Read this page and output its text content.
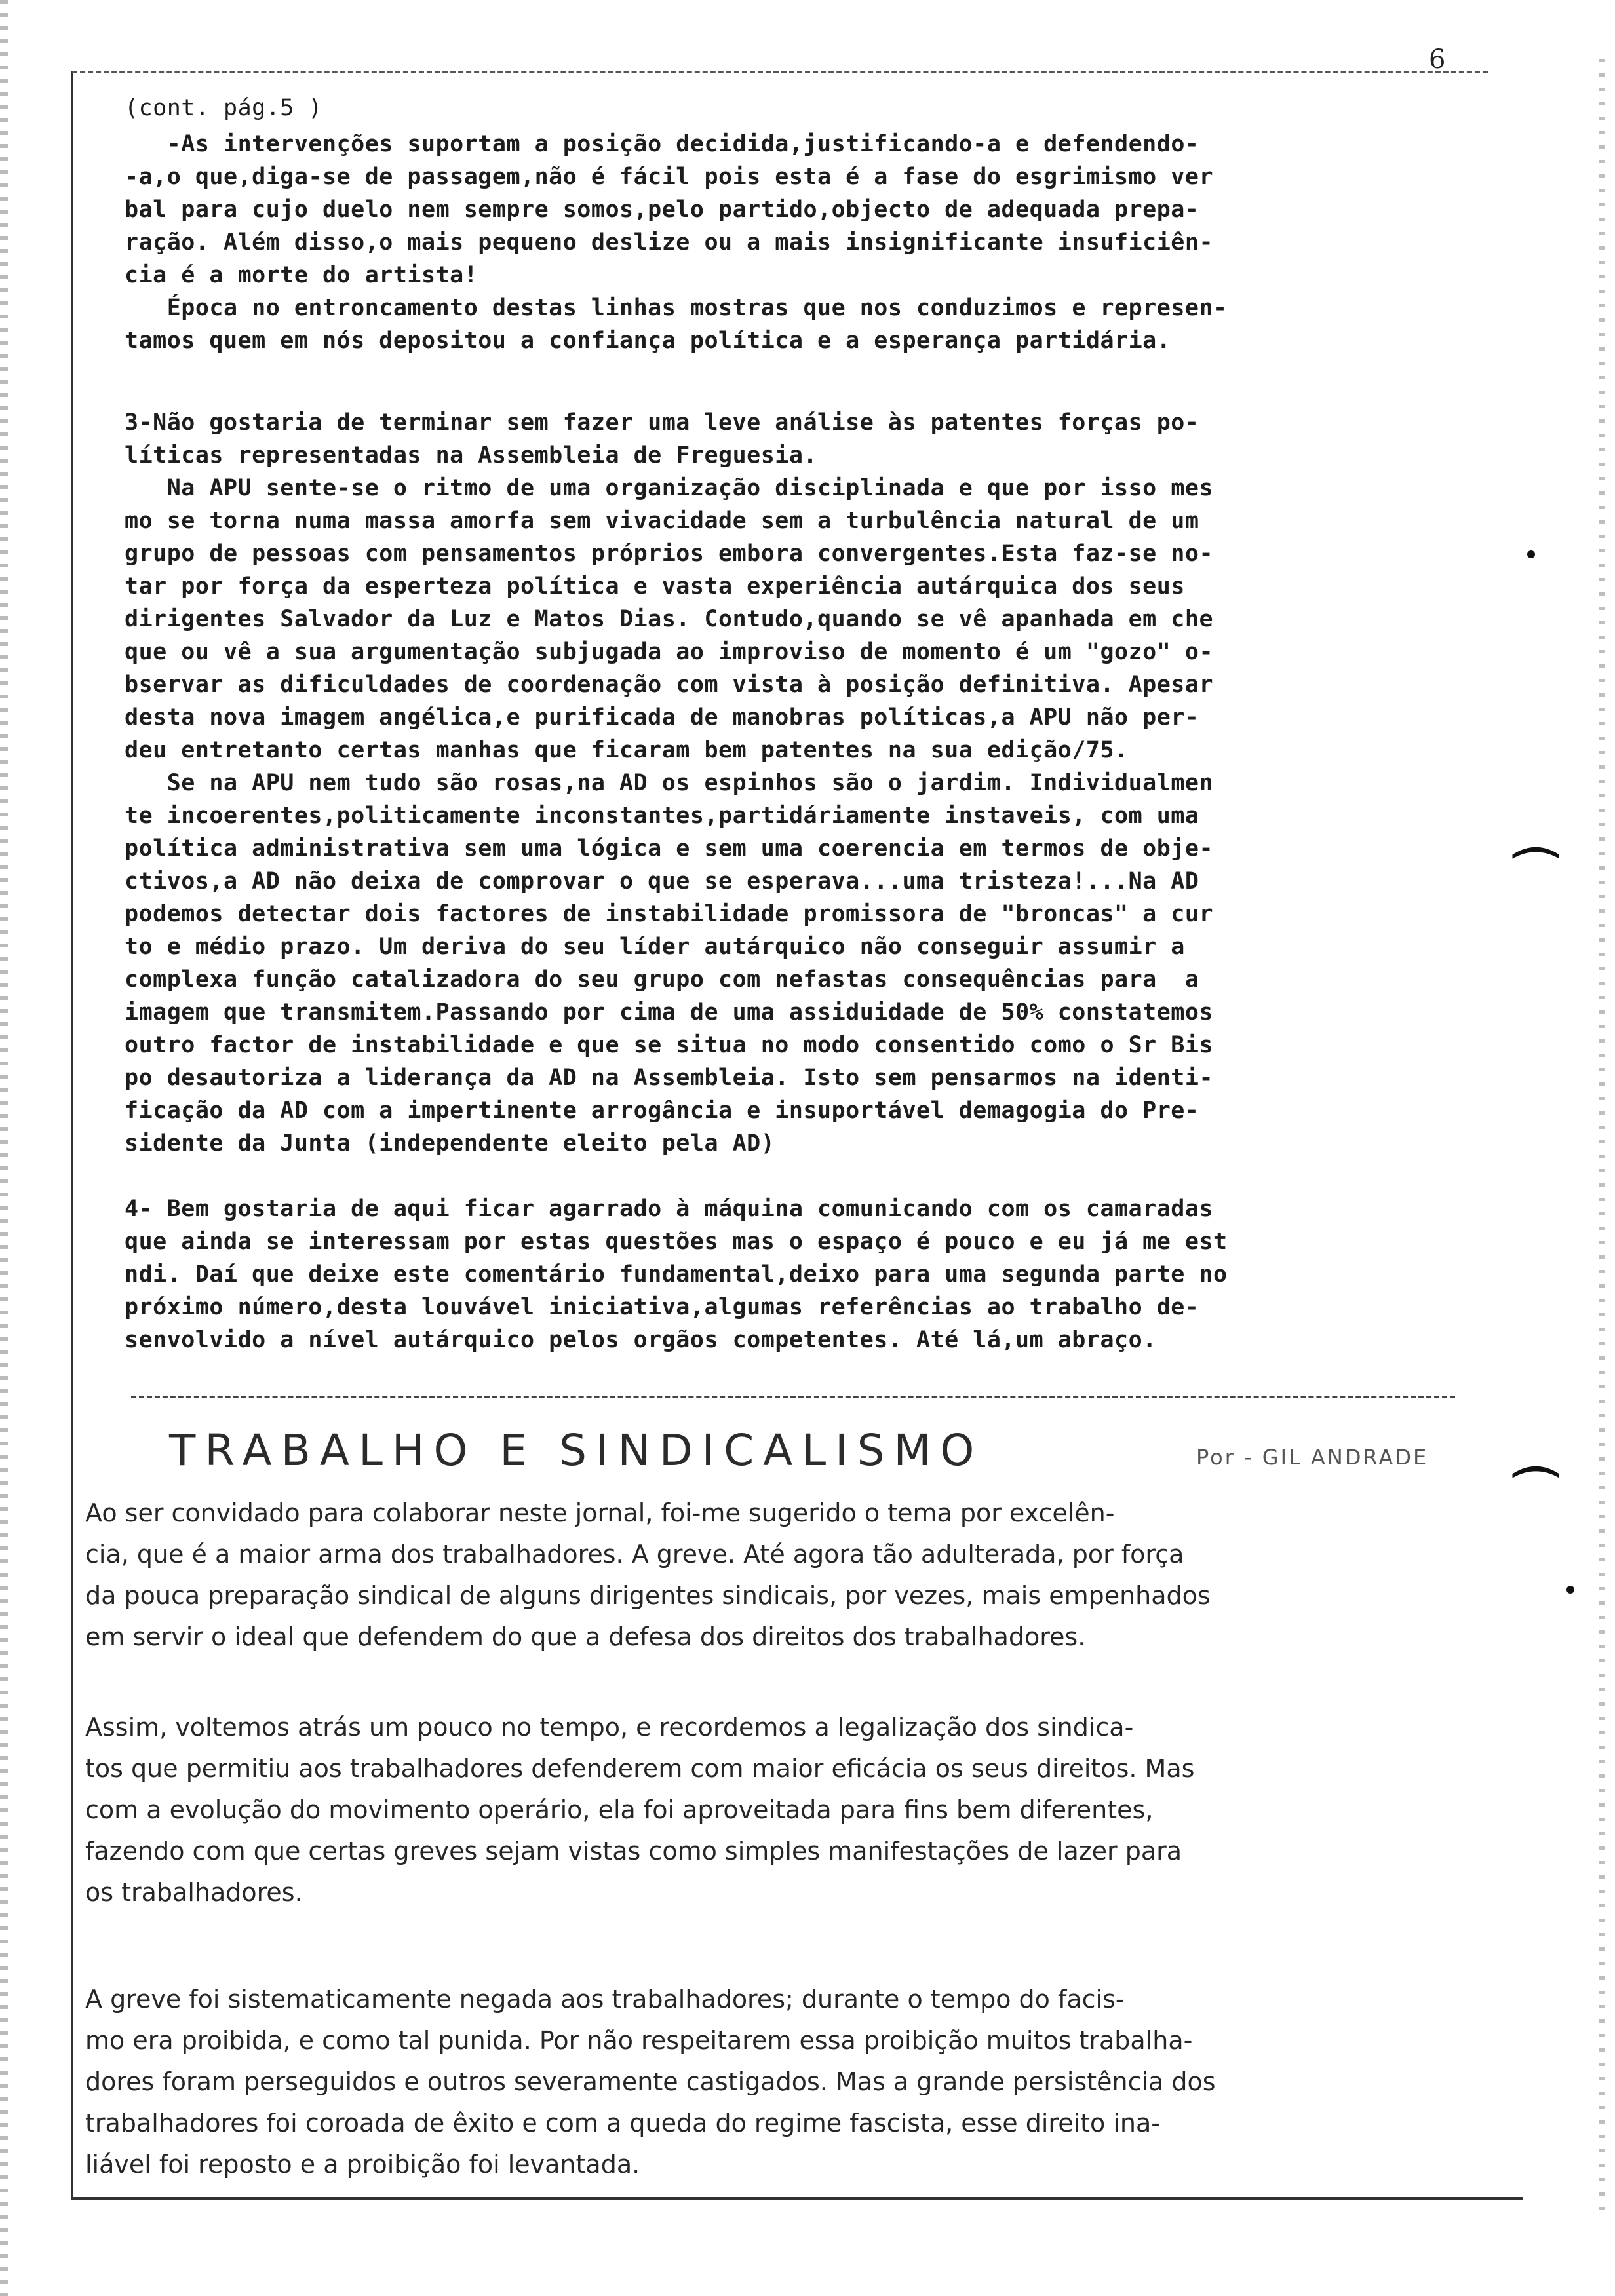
6
(cont. pág.5 )
-As intervenções suportam a posição decidida,justificando-a e defendendo-
-a,o que,diga-se de passagem,não é fácil pois esta é a fase do esgrimismo ver
bal para cujo duelo nem sempre somos,pelo partido,objecto de adequada prepa-
ração. Além disso,o mais pequeno deslize ou a mais insignificante insuficiên-
cia é a morte do artista!
Época no entroncamento destas linhas mostras que nos conduzimos e represen-
tamos quem em nós depositou a confiança política e a esperança partidária.
3-Não gostaria de terminar sem fazer uma leve análise às patentes forças po-
líticas representadas na Assembleia de Freguesia.
Na APU sente-se o ritmo de uma organização disciplinada e que por isso mes
mo se torna numa massa amorfa sem vivacidade sem a turbulência natural de um
grupo de pessoas com pensamentos próprios embora convergentes.Esta faz-se no-
tar por força da esperteza política e vasta experiência autárquica dos seus
dirigentes Salvador da Luz e Matos Dias. Contudo,quando se vê apanhada em che
que ou vê a sua argumentação subjugada ao improviso de momento é um "gozo" o-
bservar as dificuldades de coordenação com vista à posição definitiva. Apesar
desta nova imagem angélica,e purificada de manobras políticas,a APU não per-
deu entretanto certas manhas que ficaram bem patentes na sua edição/75.
Se na APU nem tudo são rosas,na AD os espinhos são o jardim. Individualmen
te incoerentes,politicamente inconstantes,partidáriamente instaveis, com uma
política administrativa sem uma lógica e sem uma coerencia em termos de obje-
ctivos,a AD não deixa de comprovar o que se esperava...uma tristeza!...Na AD
podemos detectar dois factores de instabilidade promissora de "broncas" a cur
to e médio prazo. Um deriva do seu líder autárquico não conseguir assumir a
complexa função catalizadora do seu grupo com nefastas consequências para  a
imagem que transmitem.Passando por cima de uma assiduidade de 50% constatemos
outro factor de instabilidade e que se situa no modo consentido como o Sr Bis
po desautoriza a liderança da AD na Assembleia. Isto sem pensarmos na identi-
ficação da AD com a impertinente arrogância e insuportável demagogia do Pre-
sidente da Junta (independente eleito pela AD)
4- Bem gostaria de aqui ficar agarrado à máquina comunicando com os camaradas
que ainda se interessam por estas questões mas o espaço é pouco e eu já me est
ndi. Daí que deixe este comentário fundamental,deixo para uma segunda parte no
próximo número,desta louvável iniciativa,algumas referências ao trabalho de-
senvolvido a nível autárquico pelos orgãos competentes. Até lá,um abraço.
TRABALHO E SINDICALISMO	Por - GIL ANDRADE
Ao ser convidado para colaborar neste jornal, foi-me sugerido o tema por excelên-
cia, que é a maior arma dos trabalhadores. A greve. Até agora tão adulterada, por força
da pouca preparação sindical de alguns dirigentes sindicais, por vezes, mais empenhados
em servir o ideal que defendem do que a defesa dos direitos dos trabalhadores.
Assim, voltemos atrás um pouco no tempo, e recordemos a legalização dos sindica-
tos que permitiu aos trabalhadores defenderem com maior eficácia os seus direitos. Mas
com a evolução do movimento operário, ela foi aproveitada para fins bem diferentes,
fazendo com que certas greves sejam vistas como simples manifestações de lazer para
os trabalhadores.
A greve foi sistematicamente negada aos trabalhadores; durante o tempo do facis-
mo era proibida, e como tal punida. Por não respeitarem essa proibição muitos trabalha-
dores foram perseguidos e outros severamente castigados. Mas a grande persistência dos
trabalhadores foi coroada de êxito e com a queda do regime fascista, esse direito ina-
liável foi reposto e a proibição foi levantada.
(
(
